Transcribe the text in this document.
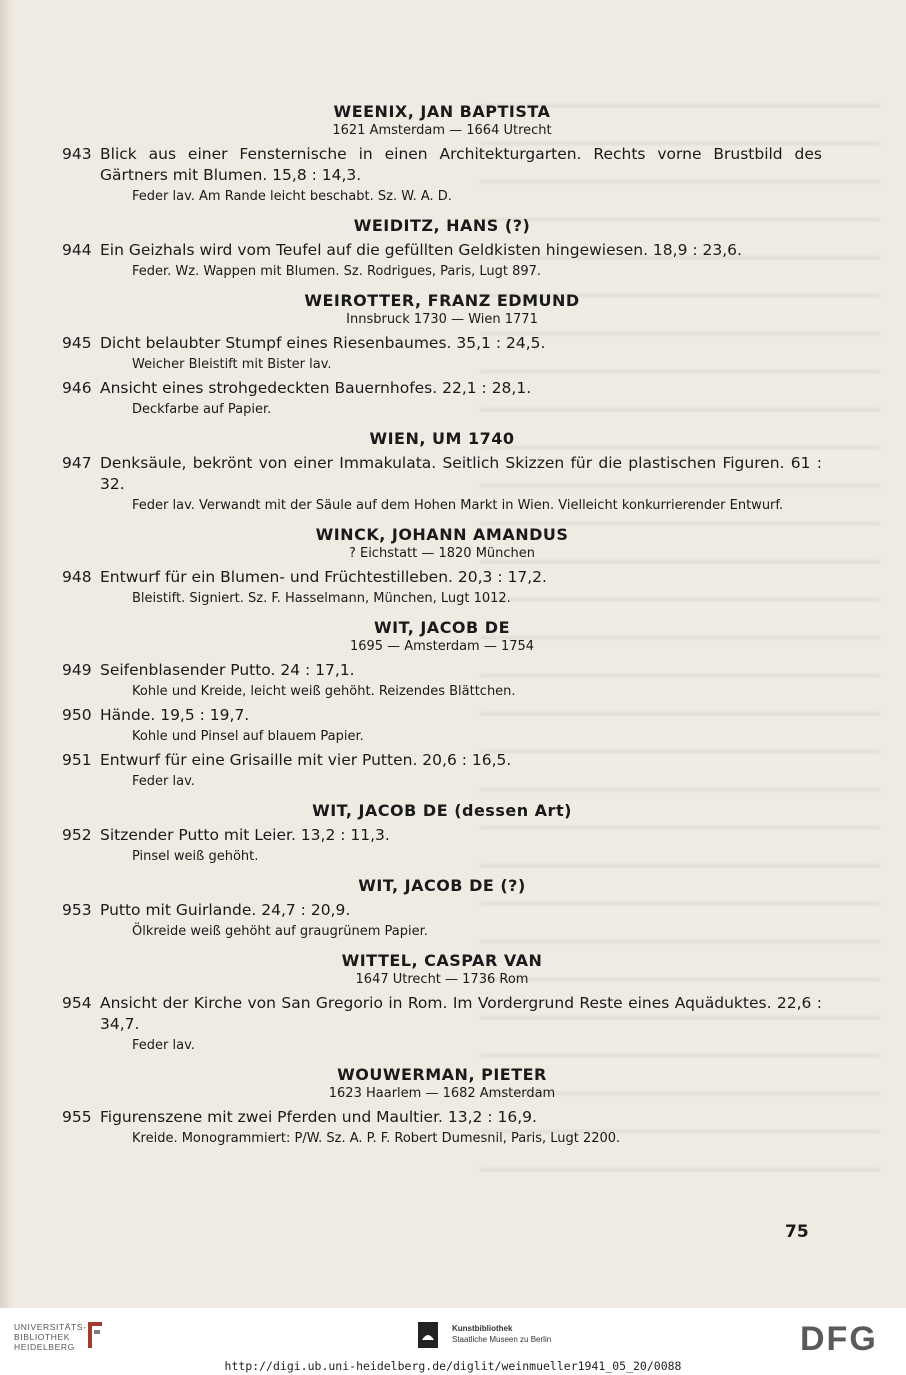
WEENIX, JAN BAPTISTA
1621 Amsterdam — 1664 Utrecht
943 Blick aus einer Fensternische in einen Architekturgarten. Rechts vorne Brustbild des Gärtners mit Blumen. 15,8 : 14,3.
Feder lav. Am Rande leicht beschabt. Sz. W. A. D.
WEIDITZ, HANS (?)
944 Ein Geizhals wird vom Teufel auf die gefüllten Geldkisten hingewiesen. 18,9 : 23,6.
Feder. Wz. Wappen mit Blumen. Sz. Rodrigues, Paris, Lugt 897.
WEIROTTER, FRANZ EDMUND
Innsbruck 1730 — Wien 1771
945 Dicht belaubter Stumpf eines Riesenbaumes. 35,1 : 24,5.
Weicher Bleistift mit Bister lav.
946 Ansicht eines strohgedeckten Bauernhofes. 22,1 : 28,1.
Deckfarbe auf Papier.
WIEN, UM 1740
947 Denksäule, bekrönt von einer Immakulata. Seitlich Skizzen für die plastischen Figuren. 61 : 32.
Feder lav. Verwandt mit der Säule auf dem Hohen Markt in Wien. Vielleicht konkurrierender Entwurf.
WINCK, JOHANN AMANDUS
? Eichstatt — 1820 München
948 Entwurf für ein Blumen- und Früchtestilleben. 20,3 : 17,2.
Bleistift. Signiert. Sz. F. Hasselmann, München, Lugt 1012.
WIT, JACOB DE
1695 — Amsterdam — 1754
949 Seifenblasender Putto. 24 : 17,1.
Kohle und Kreide, leicht weiß gehöht. Reizendes Blättchen.
950 Hände. 19,5 : 19,7.
Kohle und Pinsel auf blauem Papier.
951 Entwurf für eine Grisaille mit vier Putten. 20,6 : 16,5.
Feder lav.
WIT, JACOB DE (dessen Art)
952 Sitzender Putto mit Leier. 13,2 : 11,3.
Pinsel weiß gehöht.
WIT, JACOB DE (?)
953 Putto mit Guirlande. 24,7 : 20,9.
Ölkreide weiß gehöht auf graugrünem Papier.
WITTEL, CASPAR VAN
1647 Utrecht — 1736 Rom
954 Ansicht der Kirche von San Gregorio in Rom. Im Vordergrund Reste eines Aquäduktes. 22,6 : 34,7.
Feder lav.
WOUWERMAN, PIETER
1623 Haarlem — 1682 Amsterdam
955 Figurenszene mit zwei Pferden und Maultier. 13,2 : 16,9.
Kreide. Monogrammiert: P/W. Sz. A. P. F. Robert Dumesnil, Paris, Lugt 2200.
75
UNIVERSITÄTS-
BIBLIOTHEK
HEIDELBERG
Kunstbibliothek
Staatliche Museen zu Berlin	DFG
http://digi.ub.uni-heidelberg.de/diglit/weinmueller1941_05_20/0088
